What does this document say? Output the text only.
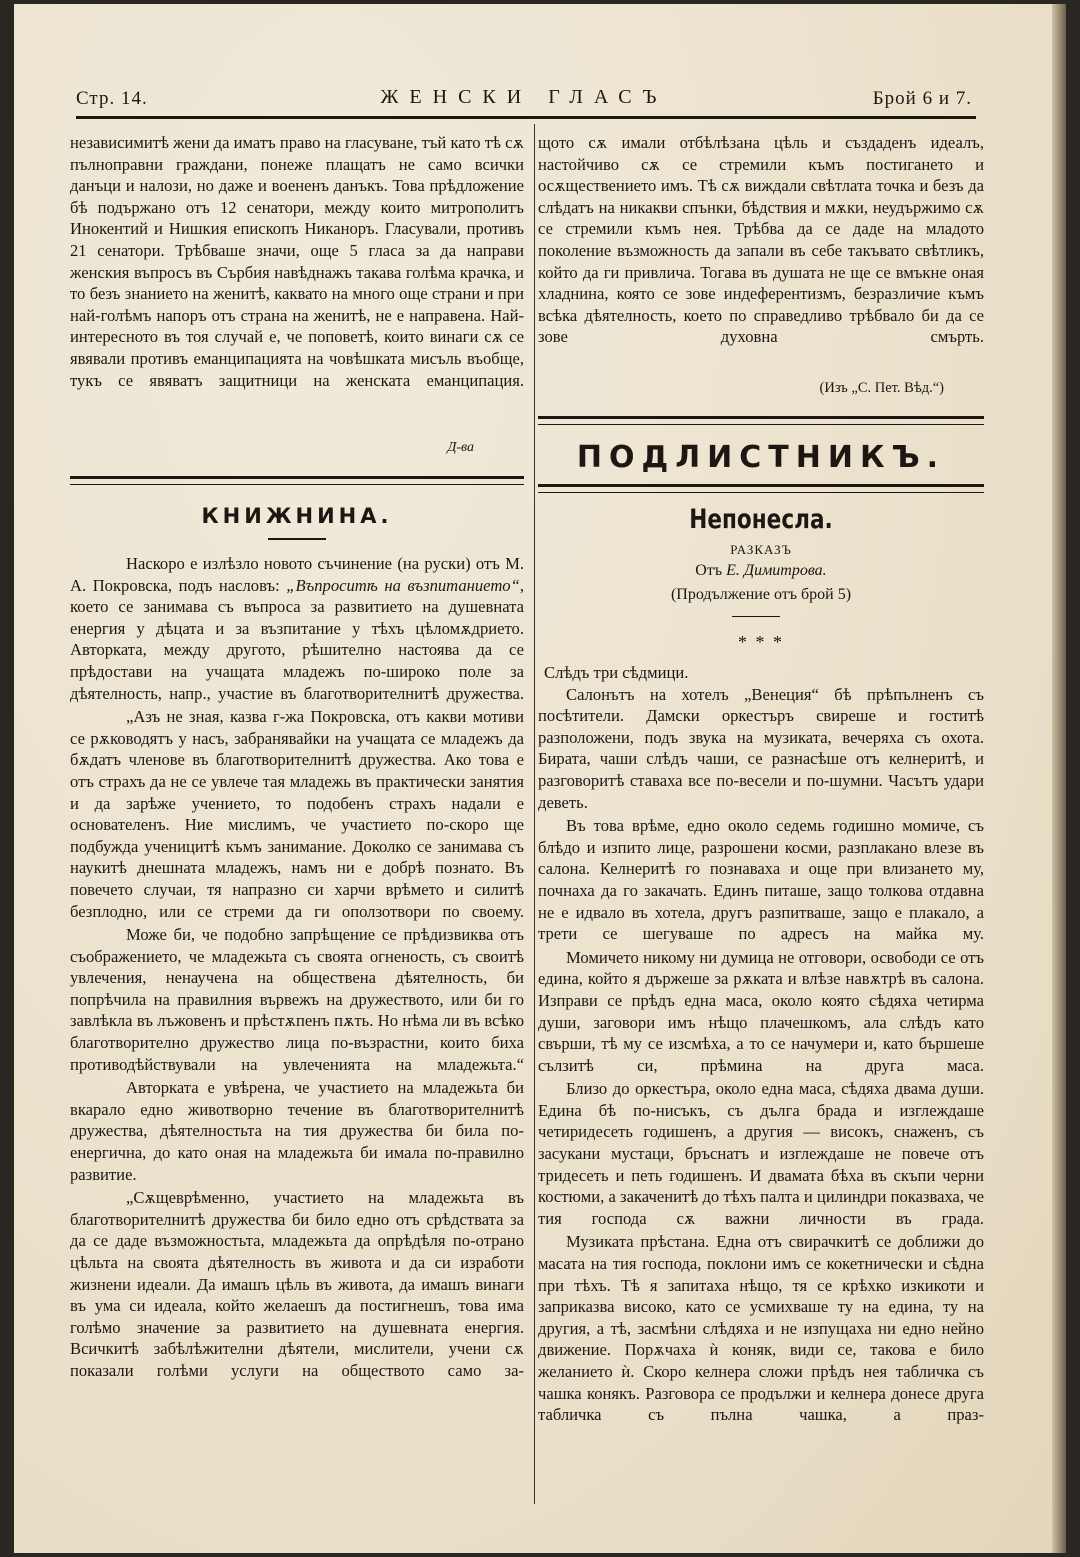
Стр. 14.	ЖЕНСКИ ГЛАСЪ	Брой 6 и 7.

независимитѣ жени да иматъ право на гласуване, тъй като тѣ сѫ пълноправни граждани, понеже плащатъ не само всички данъци и налози, но даже и воененъ данъкъ. Това прѣдложение бѣ подържано отъ 12 сенатори, между които митрополитъ Инокентий и Нишкия епископъ Никаноръ. Гласували, противъ 21 сенатори. Трѣбваше значи, още 5 гласа за да направи женския въпросъ въ Сърбия навѣднажъ такава голѣма крачка, и то безъ знанието на женитѣ, каквато на много още страни и при най-голѣмъ напоръ отъ страна на женитѣ, не е направена. Най-интересното въ тоя случай е, че поповетѣ, които винаги сѫ се явявали противъ еманципацията на човѣшката мисъль въобще, тукъ се явяватъ защитници на женската еманципация.

Д-ва
КНИЖНИНА.

Наскоро е излѣзло новото съчинение (на руски) отъ М. А. Покровска, подъ насловъ: „Въпроситѣ на възпитанието“, което се занимава съ въпроса за развитието на душевната енергия у дѣцата и за възпитание у тѣхъ цѣломѫдрието. Авторката, между другото, рѣшително настоява да се прѣдостави на учащата младежъ по-широко поле за дѣятелность, напр., участие въ благотворителнитѣ дружества.

„Азъ не зная, казва г-жа Покровска, отъ какви мотиви се рѫководятъ у насъ, забранявайки на учащата се младежъ да бѫдатъ членове въ благотворителнитѣ дружества. Ако това е отъ страхъ да не се увлече тая младежь въ практически занятия и да зарѣже учението, то подобенъ страхъ надали е основателенъ. Ние мислимъ, че участието по-скоро ще подбужда ученицитѣ къмъ занимание. Доколко се занимава съ наукитѣ днешната младежъ, намъ ни е добрѣ познато. Въ повечето случаи, тя напразно си харчи врѣмето и силитѣ безплодно, или се стреми да ги оползотвори по своему.

Може би, че подобно запрѣщение се прѣдизвиква отъ съображението, че младежьта съ своята огненость, съ своитѣ увлечения, ненаучена на обществена дѣятелность, би попрѣчила на правилния вървежъ на дружеството, или би го завлѣкла въ лъжовенъ и прѣстѫпенъ пѫть. Но нѣма ли въ всѣко благотворително дружество лица по-възрастни, които биха противодѣйствували на увлеченията на младежьта.“

Авторката е увѣрена, че участието на младежьта би вкарало едно животворно течение въ благотворителнитѣ дружества, дѣятелностьта на тия дружества би била по-енергична, до като оная на младежьта би имала по-правилно развитие.

„Сѫщеврѣменно, участието на младежьта въ благотворителнитѣ дружества би било едно отъ срѣдствата за да се даде възможностьта, младежьта да опрѣдѣля по-отрано цѣльта на своята дѣятелность въ живота и да си изработи жизнени идеали. Да имашъ цѣль въ живота, да имашъ винаги въ ума си идеала, който желаешъ да постигнешъ, това има голѣмо значение за развитието на душевната енергия. Всичкитѣ забѣлѣжителни дѣятели, мислители, учени сѫ показали голѣми услуги на обществото само за-

щото сѫ имали отбѣлѣзана цѣль и създаденъ идеалъ, настойчиво сѫ се стремили къмъ постигането и осѫществението имъ. Тѣ сѫ виждали свѣтлата точка и безъ да слѣдатъ на никакви спънки, бѣдствия и мѫки, неудържимо сѫ се стремили къмъ нея. Трѣбва да се даде на младото поколение възможность да запали въ себе такъвато свѣтликъ, който да ги привлича. Тогава въ душата не ще се вмъкне оная хладнина, която се зове индеферентизмъ, безразличие къмъ всѣка дѣятелность, което по справедливо трѣбвало би да се зове духовна смърть.

(Изъ „С. Пет. Вѣд.“)
ПОДЛИСТНИКЪ.
Непонесла.
РАЗКАЗЪ
Отъ Е. Димитрова.
(Продължение отъ брой 5)
* * *

Слѣдъ три сѣдмици.

Салонътъ на хотелъ „Венеция“ бѣ прѣпълненъ съ посѣтители. Дамски оркестъръ свиреше и гоститѣ разположени, подъ звука на музиката, вечеряха съ охота. Бирата, чаши слѣдъ чаши, се разнасѣше отъ келнеритѣ, и разговоритѣ ставаха все по-весели и по-шумни. Часътъ удари деветь.

Въ това врѣме, едно около седемь годишно момиче, съ блѣдо и изпито лице, разрошени косми, разплакано влезе въ салона. Келнеритѣ го познаваха и още при влизането му, почнаха да го закачать. Единъ питаше, защо толкова отдавна не е идвало въ хотела, другъ разпитваше, защо е плакало, а трети се шегуваше по адресъ на майка му.

Момичето никому ни думица не отговори, освободи се отъ едина, който я държеше за рѫката и влѣзе навѫтрѣ въ салона. Изправи се прѣдъ една маса, около която сѣдяха четирма души, заговори имъ нѣщо плачешкомъ, ала слѣдъ като свърши, тѣ му се изсмѣха, а то се начумери и, като бършеше сълзитѣ си, прѣмина на друга маса.

Близо до оркестъра, около една маса, сѣдяха двама души. Едина бѣ по-нисъкъ, съ дълга брада и изглеждаше четиридесеть годишенъ, а другия — високъ, снаженъ, съ засукани мустаци, бръснатъ и изглеждаше не повече отъ тридесеть и петь годишенъ. И двамата бѣха въ скъпи черни костюми, а закаченитѣ до тѣхъ палта и цилиндри показваха, че тия господа сѫ важни личности въ града.

Музиката прѣстана. Една отъ свирачкитѣ се доближи до масата на тия господа, поклони имъ се кокетнически и сѣдна при тѣхъ. Тѣ я запитаха нѣщо, тя се крѣхко изкикоти и заприказва високо, като се усмихваше ту на едина, ту на другия, а тѣ, засмѣни слѣдяха и не изпущаха ни едно нейно движение. Порѫчаха ѝ коняк, види се, такова е било желанието ѝ. Скоро келнера сложи прѣдъ нея табличка съ чашка конякъ. Разговора се продължи и келнера донесе друга табличка съ пълна чашка, а праз-
